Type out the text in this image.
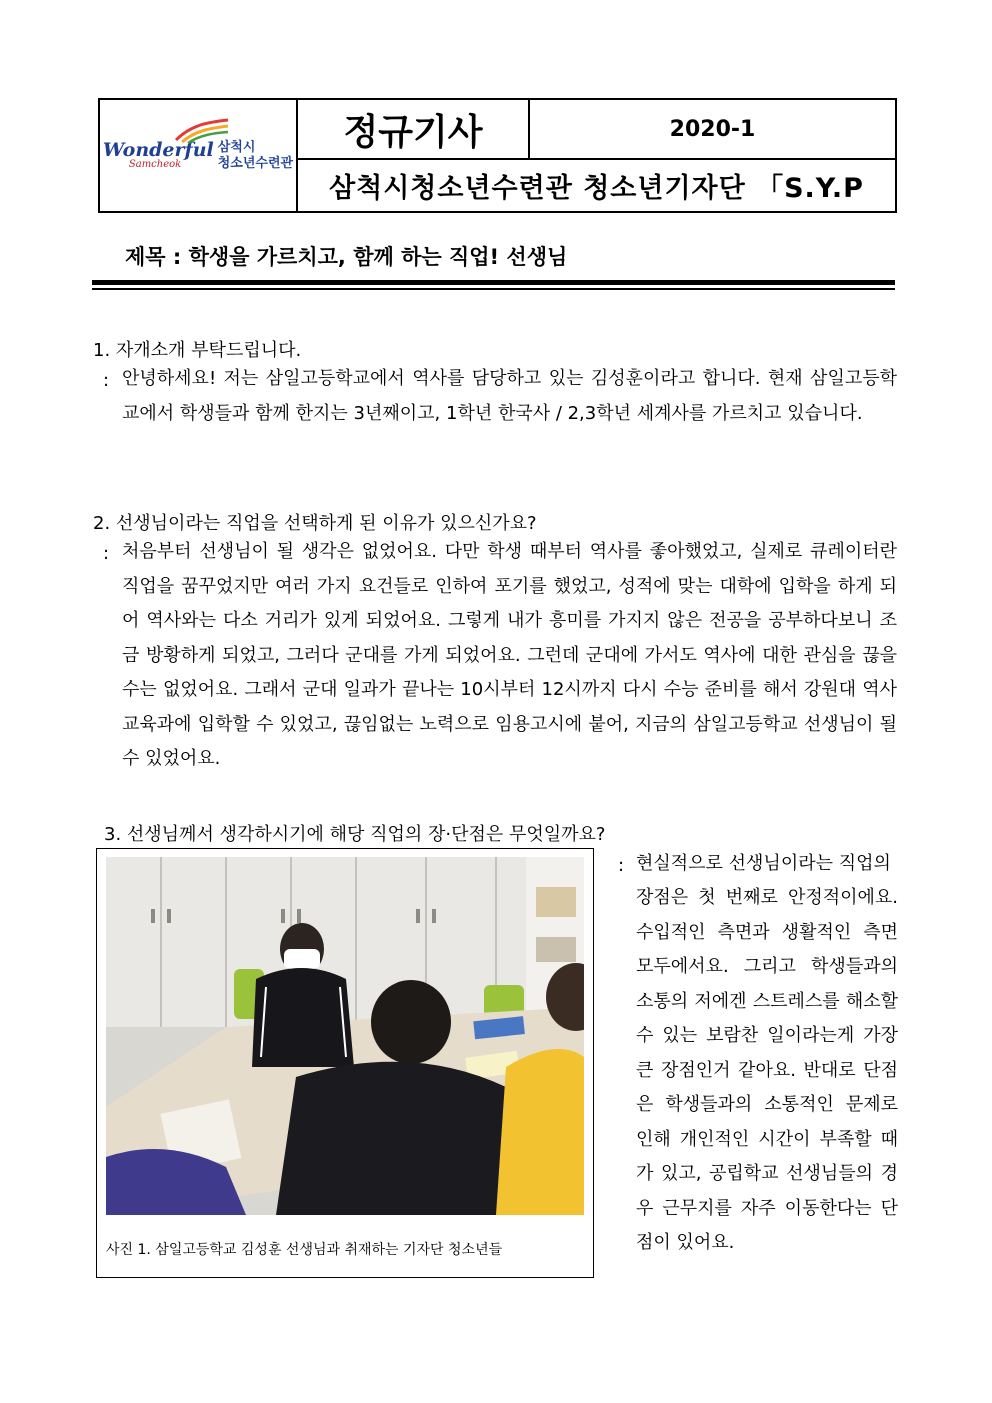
Wonderful
Samcheok
삼척시
청소년수련관
정규기사	2020-1
삼척시청소년수련관 청소년기자단 「S.Y.P
제목 : 학생을 가르치고, 함께 하는 직업! 선생님
1. 자개소개 부탁드립니다.
: 안녕하세요! 저는 삼일고등학교에서 역사를 담당하고 있는 김성훈이라고 합니다. 현재 삼일고등학교에서 학생들과 함께 한지는 3년째이고, 1학년 한국사 / 2,3학년 세계사를 가르치고 있습니다.
2. 선생님이라는 직업을 선택하게 된 이유가 있으신가요?
: 처음부터 선생님이 될 생각은 없었어요. 다만 학생 때부터 역사를 좋아했었고, 실제로 큐레이터란 직업을 꿈꾸었지만 여러 가지 요건들로 인하여 포기를 했었고, 성적에 맞는 대학에 입학을 하게 되어 역사와는 다소 거리가 있게 되었어요. 그렇게 내가 흥미를 가지지 않은 전공을 공부하다보니 조금 방황하게 되었고, 그러다 군대를 가게 되었어요. 그런데 군대에 가서도 역사에 대한 관심을 끊을 수는 없었어요. 그래서 군대 일과가 끝나는 10시부터 12시까지 다시 수능 준비를 해서 강원대 역사교육과에 입학할 수 있었고, 끊임없는 노력으로 임용고시에 붙어, 지금의 삼일고등학교 선생님이 될 수 있었어요.
3. 선생님께서 생각하시기에 해당 직업의 장·단점은 무엇일까요?
: 현실적으로 선생님이라는 직업의
장점은 첫 번째로 안정적이에요. 수입적인 측면과 생활적인 측면 모두에서요. 그리고 학생들과의 소통의 저에겐 스트레스를 해소할 수 있는 보람찬 일이라는게 가장 큰 장점인거 같아요. 반대로 단점은 학생들과의 소통적인 문제로 인해 개인적인 시간이 부족할 때가 있고, 공립학교 선생님들의 경우 근무지를 자주 이동한다는 단점이 있어요.
사진 1. 삼일고등학교 김성훈 선생님과 취재하는 기자단 청소년들
